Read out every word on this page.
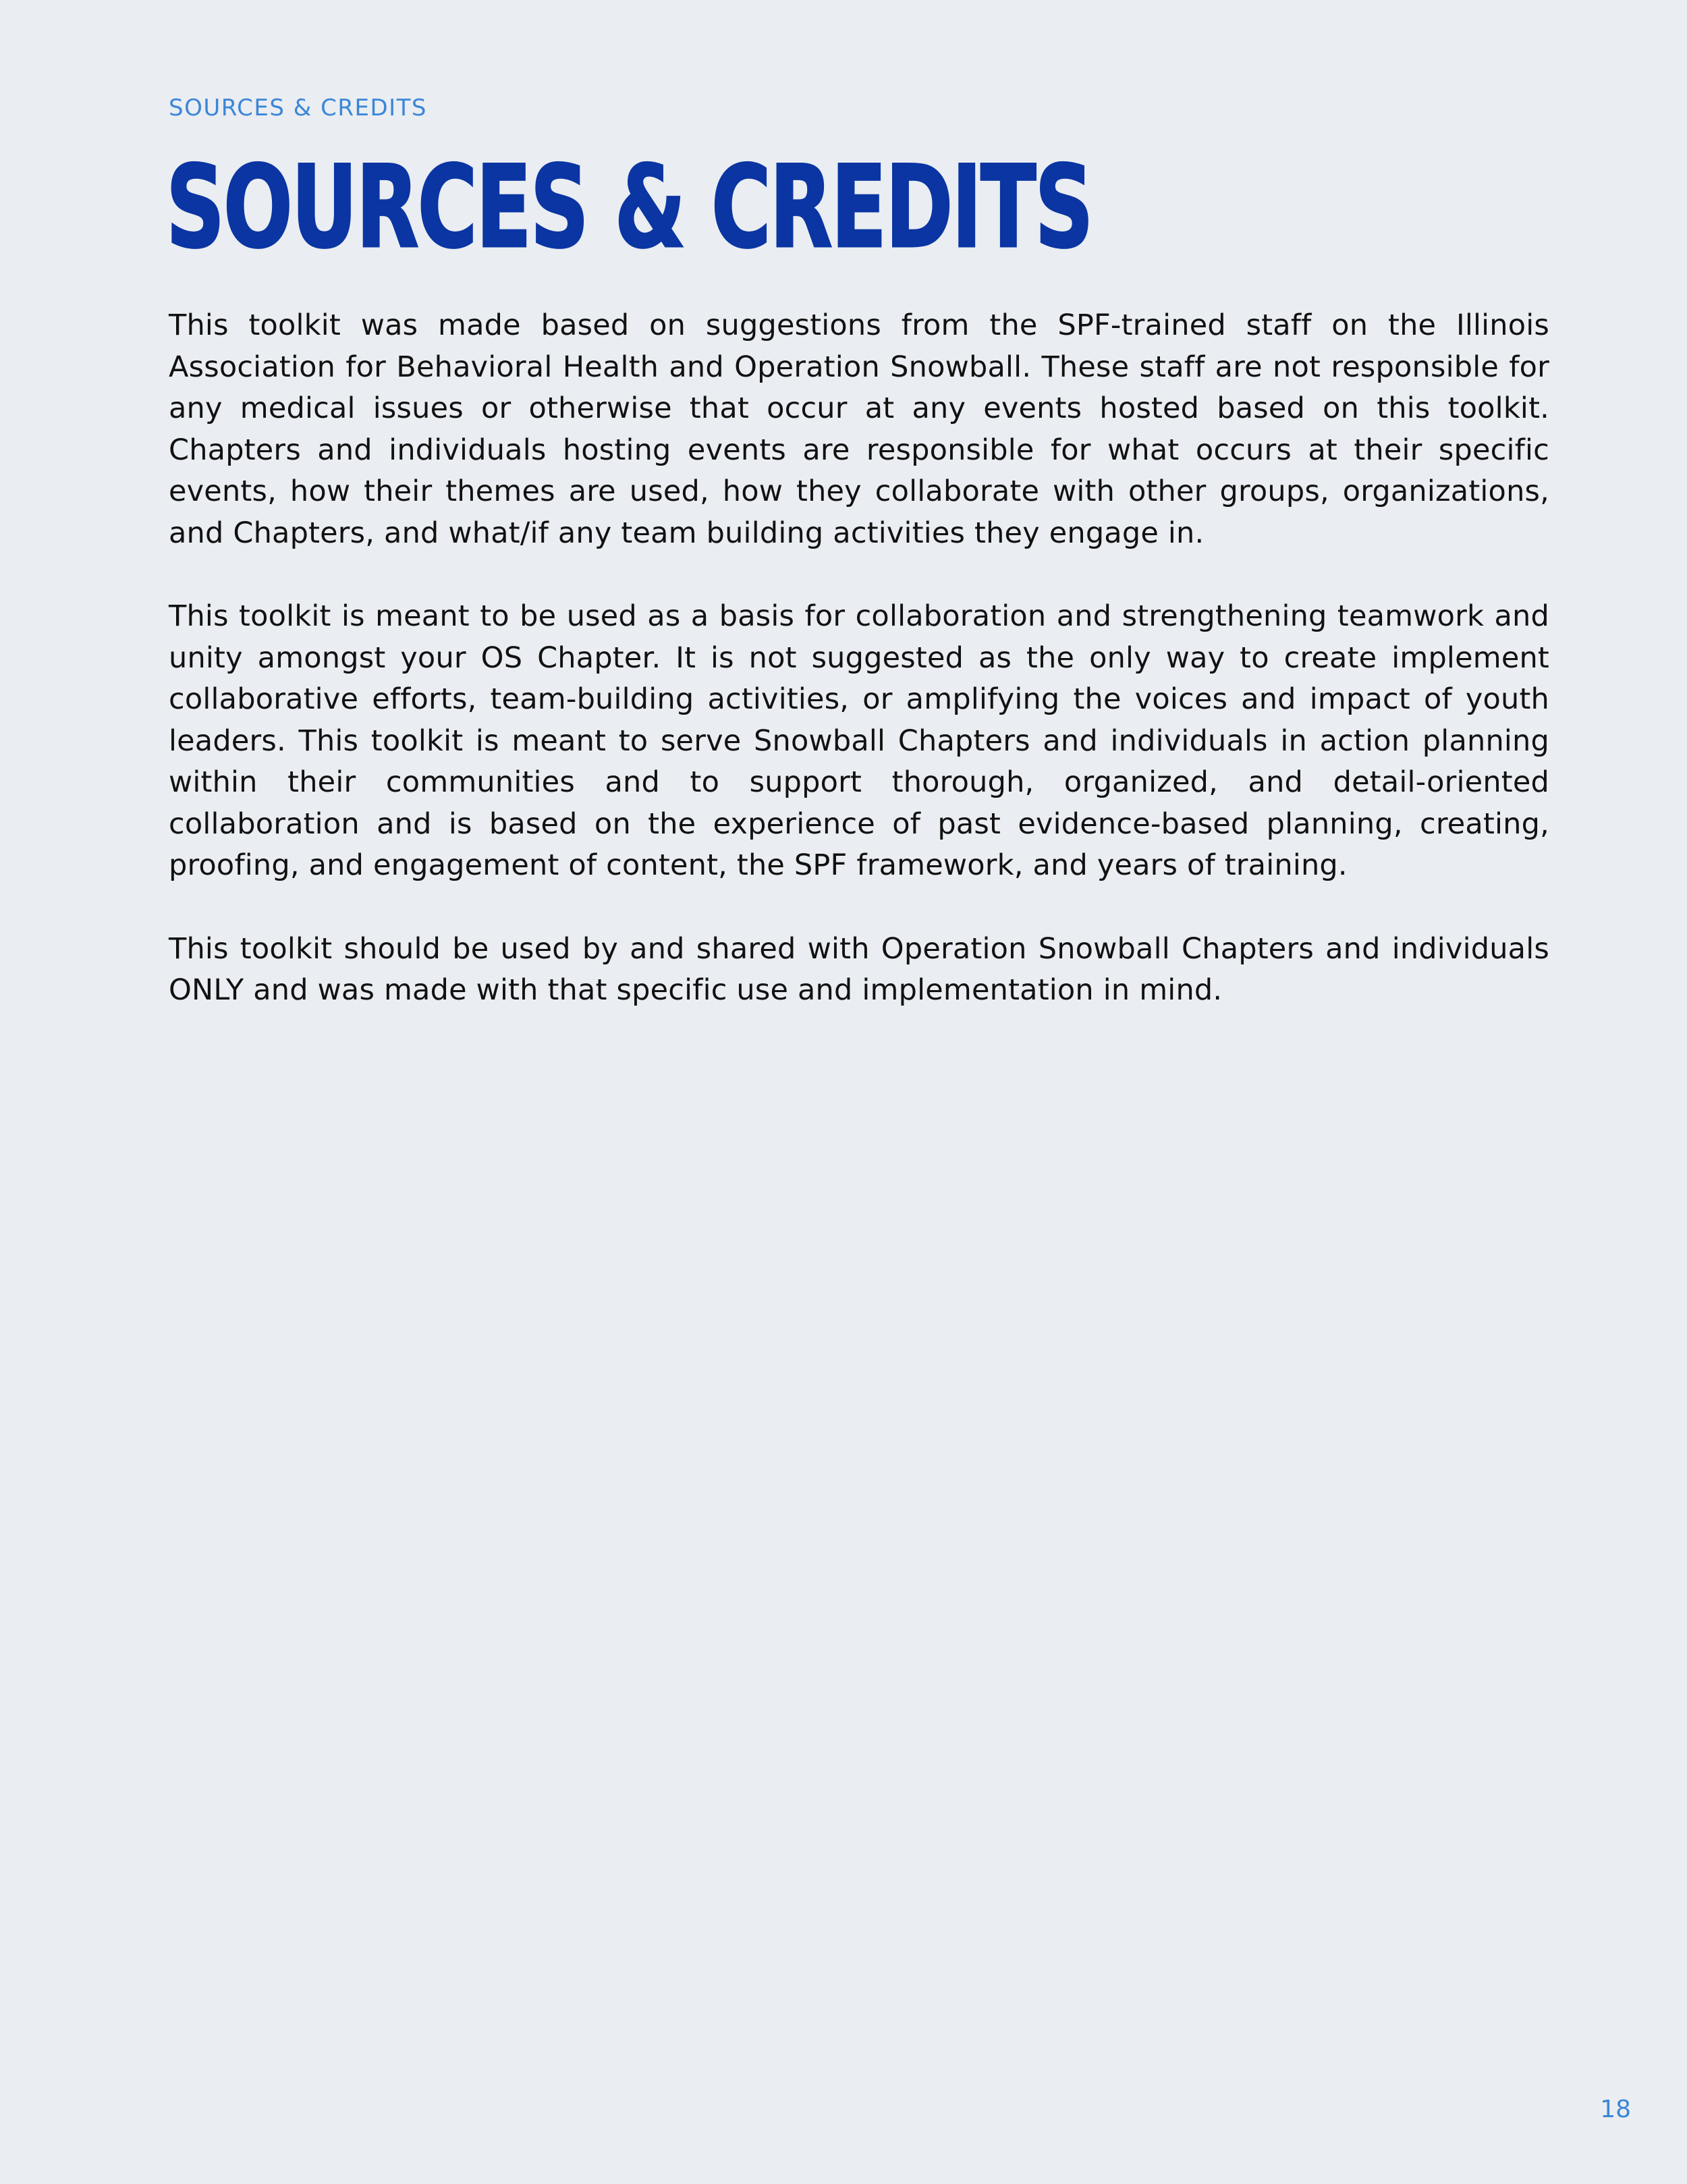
SOURCES & CREDITS
SOURCES & CREDITS

This toolkit was made based on suggestions from the SPF-trained staff on the Illinois Association for Behavioral Health and Operation Snowball. These staff are not responsible for any medical issues or otherwise that occur at any events hosted based on this toolkit. Chapters and individuals hosting events are responsible for what occurs at their specific events, how their themes are used, how they collaborate with other groups, organizations, and Chapters, and what/if any team building activities they engage in.

This toolkit is meant to be used as a basis for collaboration and strengthening teamwork and unity amongst your OS Chapter. It is not suggested as the only way to create implement collaborative efforts, team-building activities, or amplifying the voices and impact of youth leaders. This toolkit is meant to serve Snowball Chapters and individuals in action planning within their communities and to support thorough, organized, and detail-oriented collaboration and is based on the experience of past evidence-based planning, creating, proofing, and engagement of content, the SPF framework, and years of training.

This toolkit should be used by and shared with Operation Snowball Chapters and individuals ONLY and was made with that specific use and implementation in mind.

18
